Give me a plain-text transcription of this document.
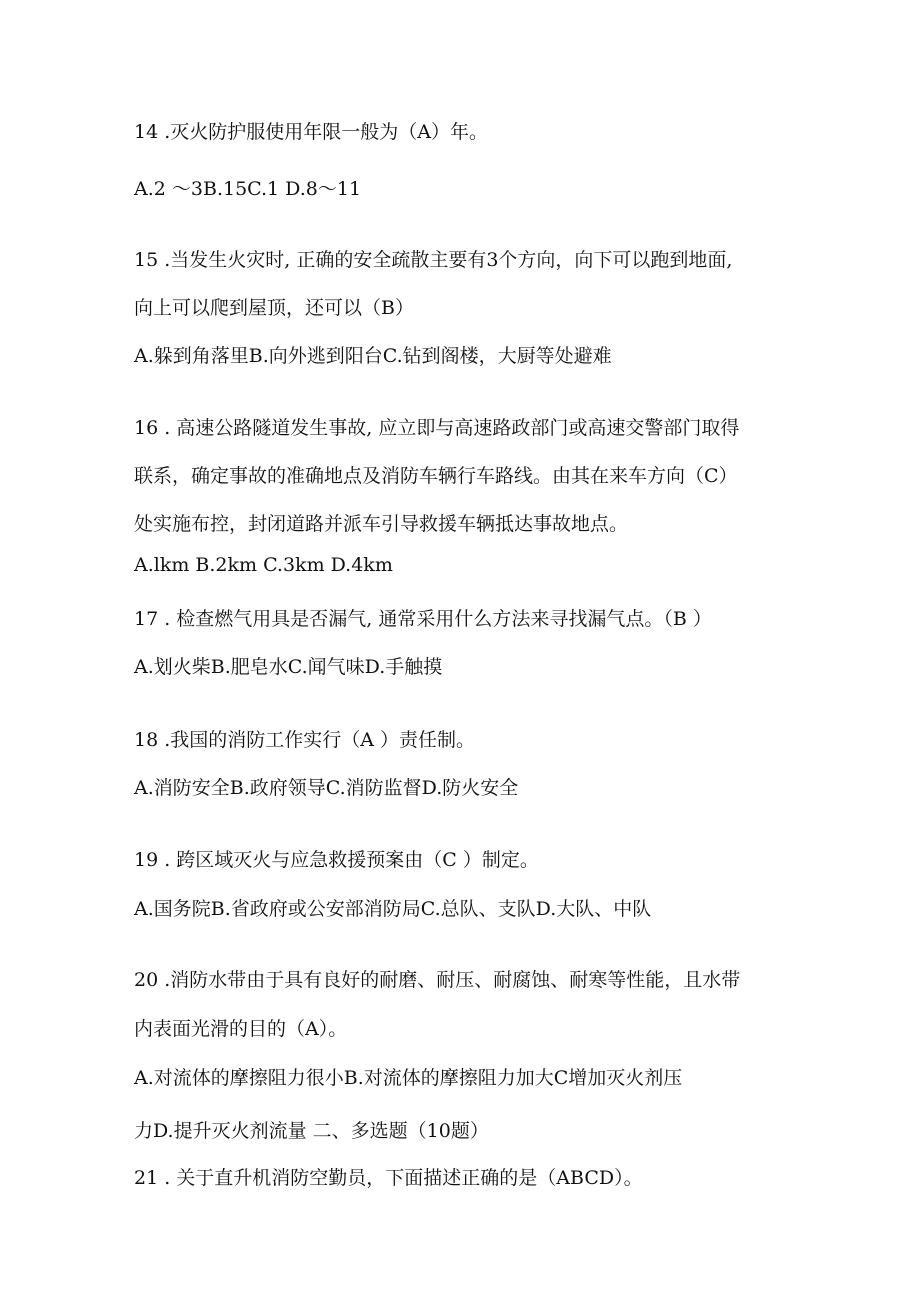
14 .灭火防护服使用年限一般为（A）年。
A.2 ～3B.15C.1 D.8～11
15 .当发生火灾时, 正确的安全疏散主要有3个方向，向下可以跑到地面,
向上可以爬到屋顶，还可以（B）
A.躲到角落里B.向外逃到阳台C.钻到阁楼，大厨等处避难
16 . 高速公路隧道发生事故, 应立即与高速路政部门或高速交警部门取得
联系，确定事故的准确地点及消防车辆行车路线。由其在来车方向（C）
处实施布控，封闭道路并派车引导救援车辆抵达事故地点。
A.lkm B.2km C.3km D.4km
17 . 检查燃气用具是否漏气, 通常采用什么方法来寻找漏气点。（B ）
A.划火柴B.肥皂水C.闻气味D.手触摸
18 .我国的消防工作实行（A ）责任制。
A.消防安全B.政府领导C.消防监督D.防火安全
19 . 跨区域灭火与应急救援预案由（C ）制定。
A.国务院B.省政府或公安部消防局C.总队、支队D.大队、中队
20 .消防水带由于具有良好的耐磨、耐压、耐腐蚀、耐寒等性能，且水带
内表面光滑的目的（A）。
A.对流体的摩擦阻力很小B.对流体的摩擦阻力加大C增加灭火剂压
力D.提升灭火剂流量 二、多选题（10题）
21 . 关于直升机消防空勤员，下面描述正确的是（ABCD）。
